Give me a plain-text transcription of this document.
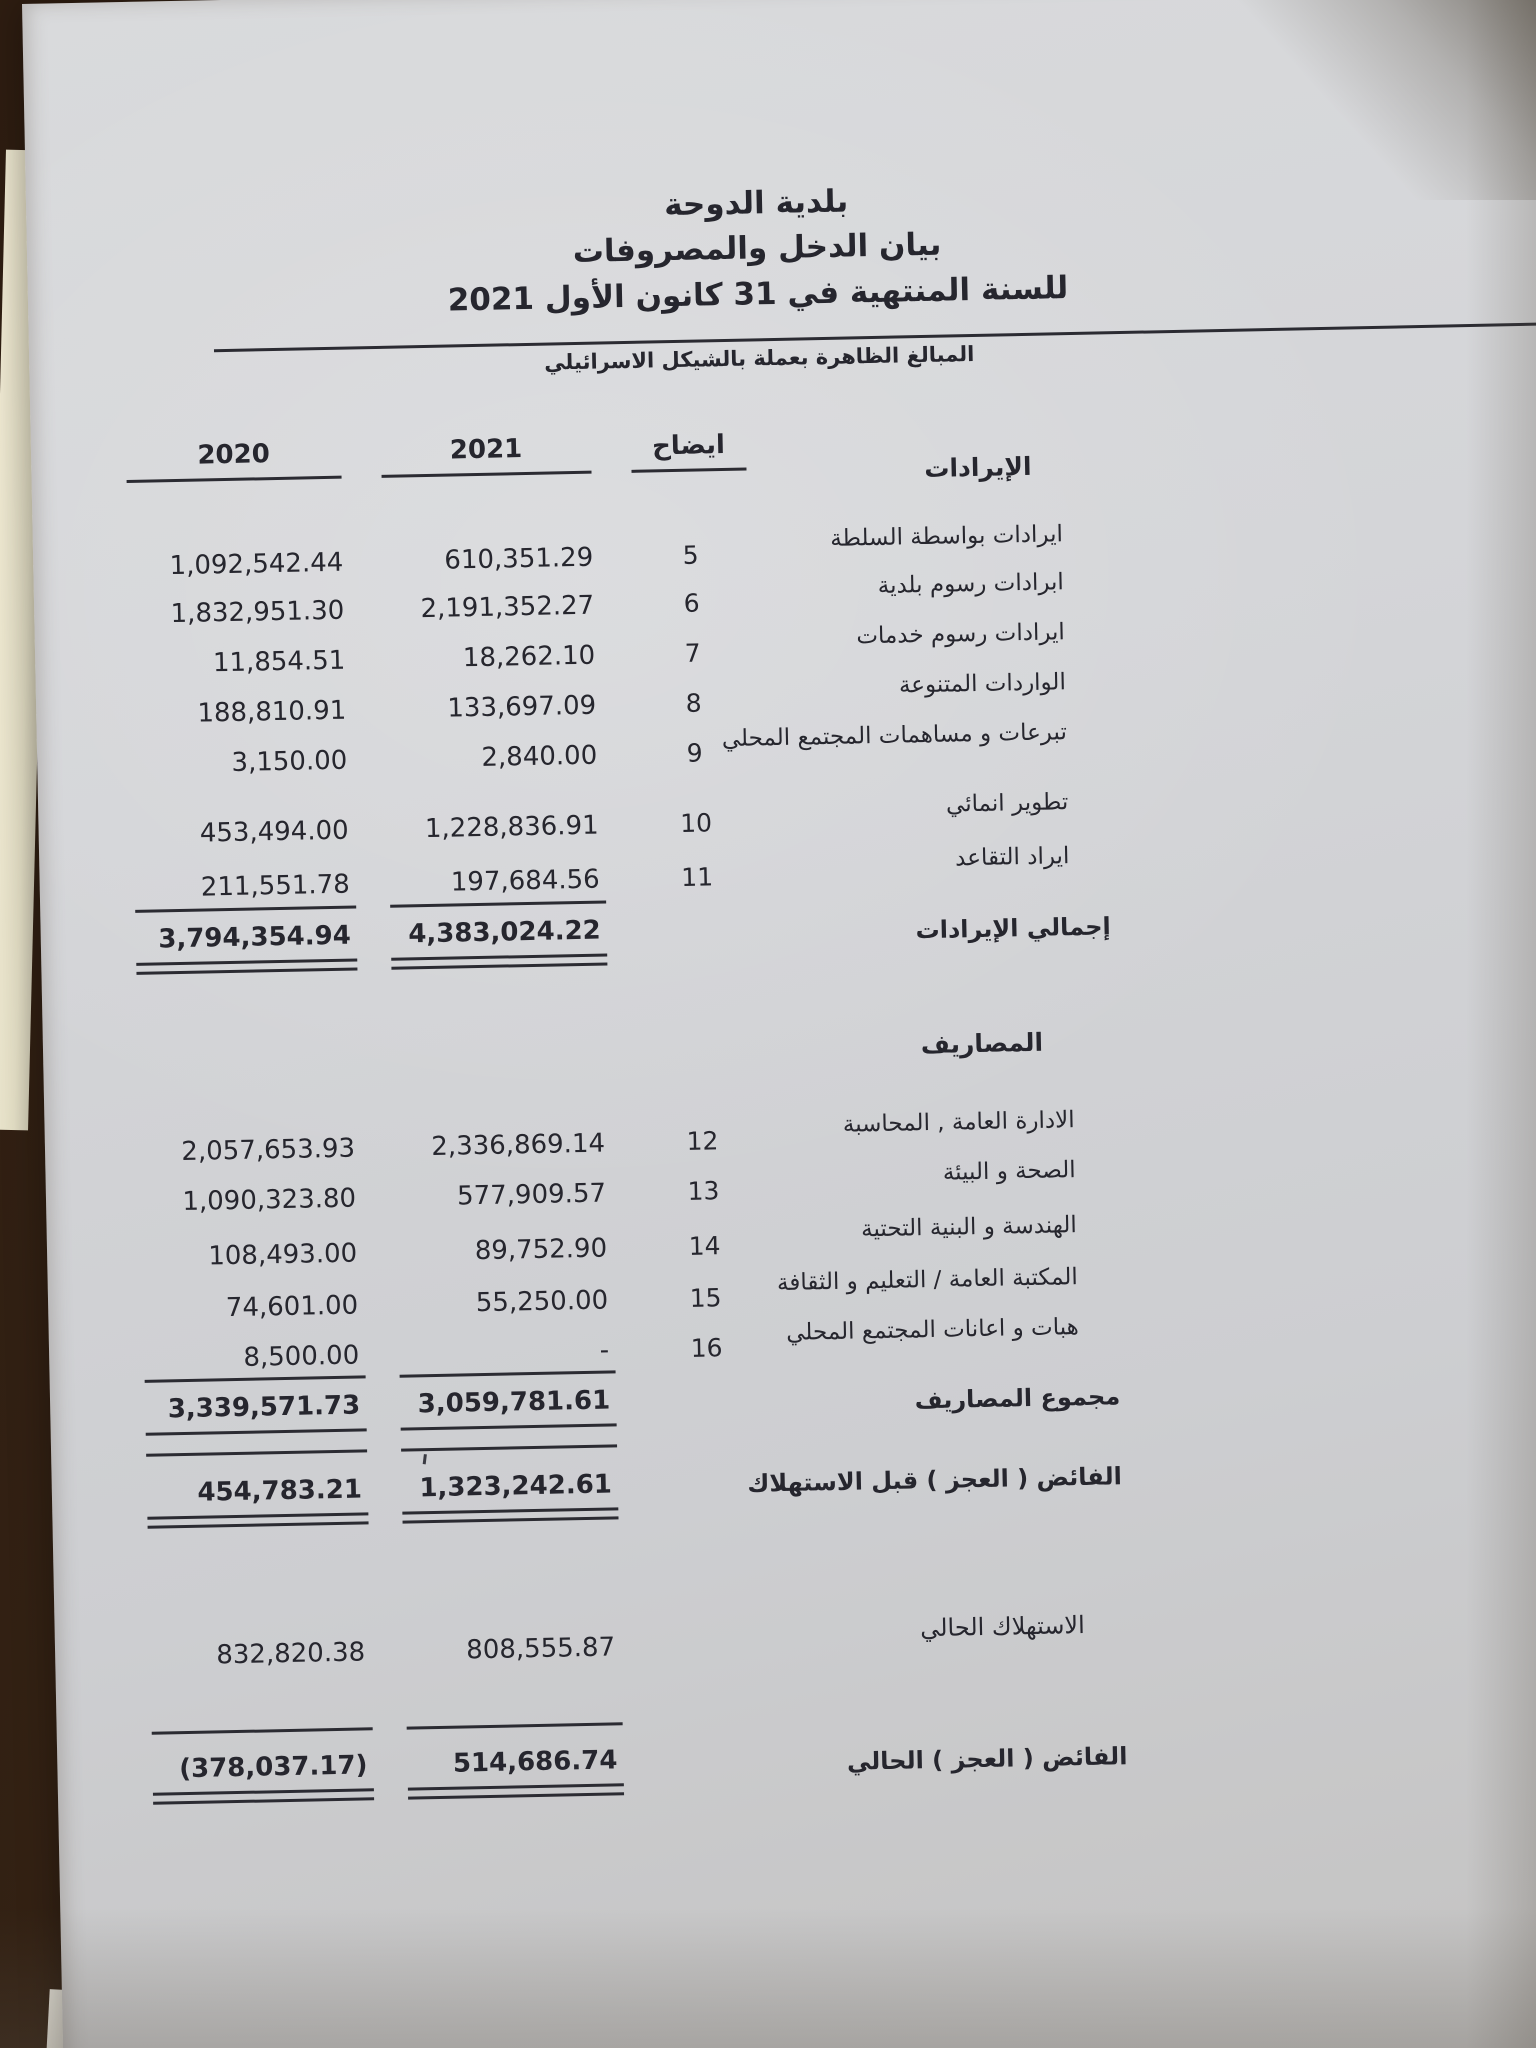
بلدية الدوحة
بيان الدخل والمصروفات
للسنة المنتهية في 31 كانون الأول 2021
المبالغ الظاهرة بعملة بالشيكل الاسرائيلي
2020	2021	ايضاح
الإيرادات
ايرادات بواسطة السلطة
5
610,351.29
1,092,542.44
ابرادات رسوم بلدية
6
2,191,352.27
1,832,951.30
ايرادات رسوم خدمات
7
18,262.10
11,854.51
الواردات المتنوعة
8
133,697.09
188,810.91
تبرعات و مساهمات المجتمع المحلي
9
2,840.00
3,150.00
تطوير انمائي
10
1,228,836.91
453,494.00
ايراد التقاعد
11
197,684.56
211,551.78
إجمالي الإيرادات
4,383,024.22
3,794,354.94
المصاريف
الادارة العامة , المحاسبة
12
2,336,869.14
2,057,653.93
الصحة و البيئة
13
577,909.57
1,090,323.80
الهندسة و البنية التحتية
14
89,752.90
108,493.00
المكتبة العامة / التعليم و الثقافة
15
55,250.00
74,601.00
هبات و اعانات المجتمع المحلي
16
-
8,500.00
مجموع المصاريف
3,059,781.61
3,339,571.73
الفائض ( العجز ) قبل الاستهلاك
1,323,242.61
454,783.21
الاستهلاك الحالي
808,555.87
832,820.38
الفائض ( العجز ) الحالي
514,686.74
(378,037.17)
